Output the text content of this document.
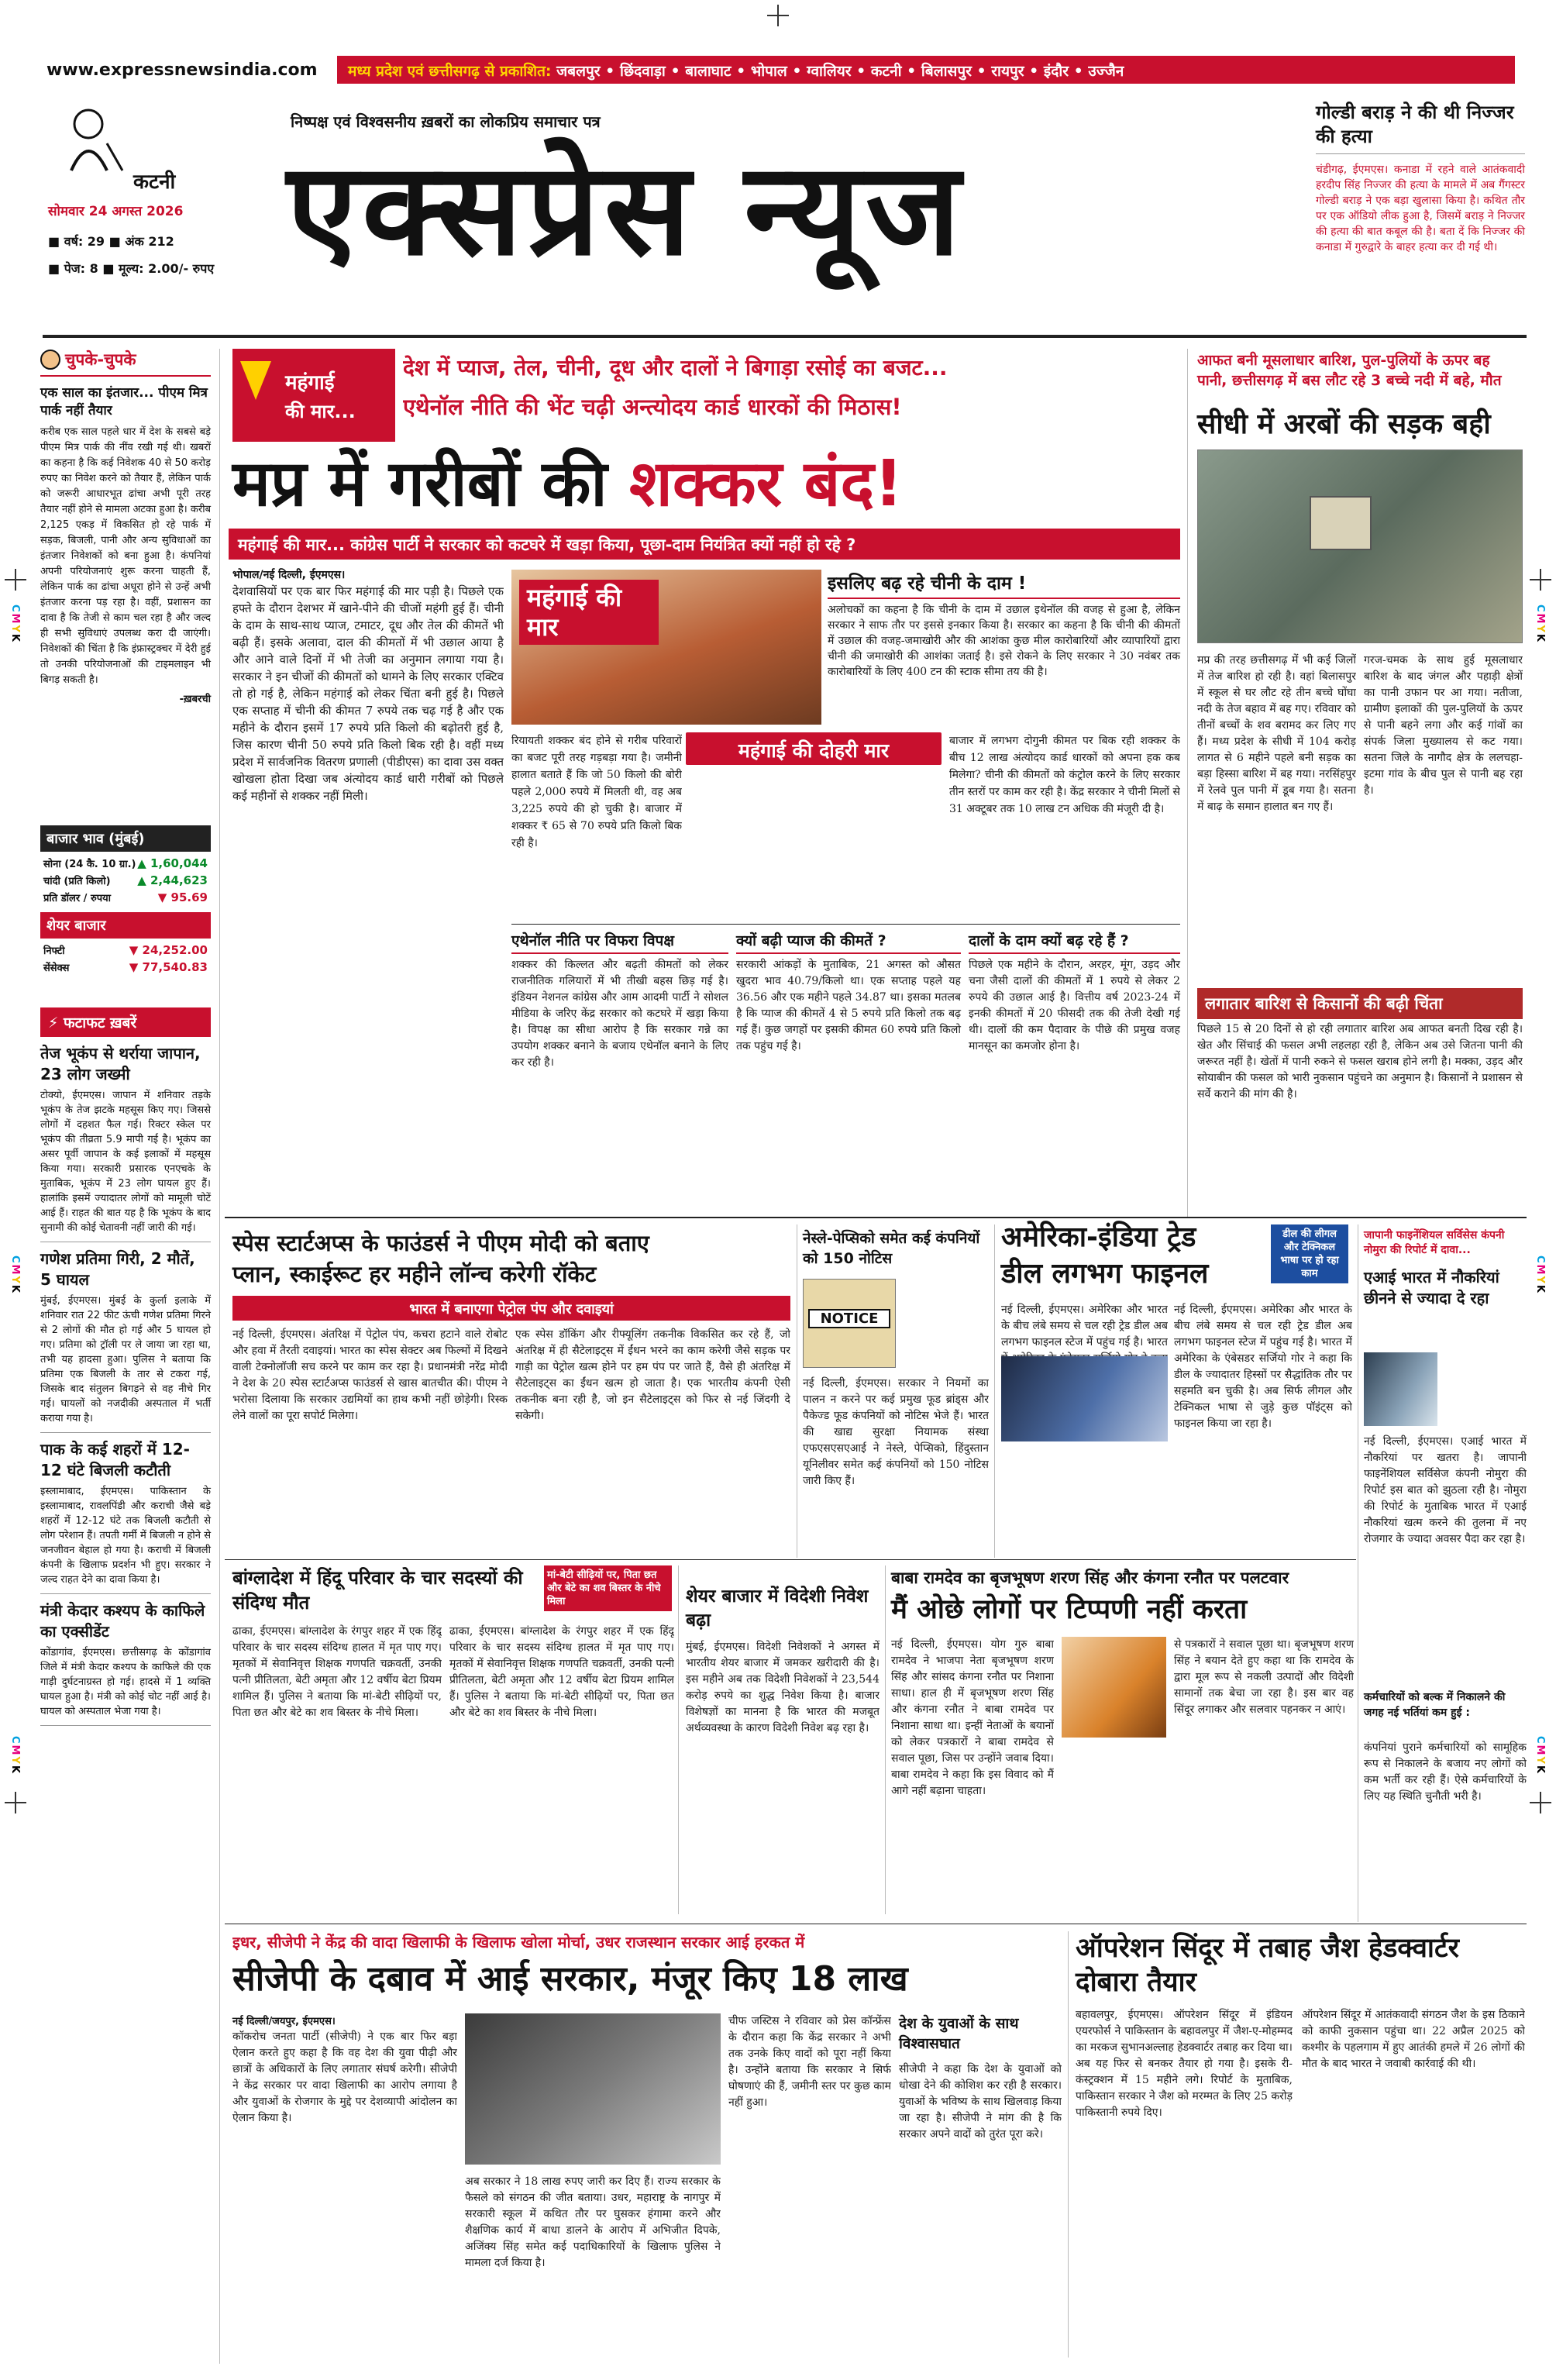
CMYK
CMYK
CMYK
CMYK
CMYK
CMYK
www.expressnewsindia.com	मध्य प्रदेश एवं छत्तीसगढ़ से प्रकाशित: जबलपुर • छिंदवाड़ा • बालाघाट • भोपाल • ग्वालियर • कटनी • बिलासपुर • रायपुर • इंदौर • उज्जैन
कटनी
सोमवार 24 अगस्त 2026
■ वर्ष: 29 ■ अंक 212
■ पेज: 8 ■ मूल्य: 2.00/- रुपए
निष्पक्ष एवं विश्वसनीय ख़बरों का लोकप्रिय समाचार पत्र
एक्सप्रेस न्यूज
गोल्डी बराड़ ने की थी निज्जर की हत्या
चंडीगढ़, ईएमएस। कनाडा में रहने वाले आतंकवादी हरदीप सिंह निज्जर की हत्या के मामले में अब गैंगस्टर गोल्डी बराड़ ने एक बड़ा खुलासा किया है। कथित तौर पर एक ऑडियो लीक हुआ है, जिसमें बराड़ ने निज्जर की हत्या की बात कबूल की है। बता दें कि निज्जर की कनाडा में गुरुद्वारे के बाहर हत्या कर दी गई थी।
चुपके-चुपके
एक साल का इंतजार... पीएम मित्र पार्क नहीं तैयार
करीब एक साल पहले धार में देश के सबसे बड़े पीएम मित्र पार्क की नींव रखी गई थी। खबरों का कहना है कि कई निवेशक 40 से 50 करोड़ रुपए का निवेश करने को तैयार हैं, लेकिन पार्क को जरूरी आधारभूत ढांचा अभी पूरी तरह तैयार नहीं होने से मामला अटका हुआ है। करीब 2,125 एकड़ में विकसित हो रहे पार्क में सड़क, बिजली, पानी और अन्य सुविधाओं का इंतजार निवेशकों को बना हुआ है। कंपनियां अपनी परियोजनाएं शुरू करना चाहती हैं, लेकिन पार्क का ढांचा अधूरा होने से उन्हें अभी इंतजार करना पड़ रहा है। वहीं, प्रशासन का दावा है कि तेजी से काम चल रहा है और जल्द ही सभी सुविधाएं उपलब्ध करा दी जाएंगी। निवेशकों की चिंता है कि इंफ्रास्ट्रक्चर में देरी हुई तो उनकी परियोजनाओं की टाइमलाइन भी बिगड़ सकती है।
-ख़बरची
बाजार भाव (मुंबई)
सोना (24 कै. 10 ग्रा.) ▲ 1,60,044
चांदी (प्रति किलो) ▲ 2,44,623
प्रति डॉलर / रुपया	▼ 95.69
शेयर बाजार
निफ्टी	▼ 24,252.00
सेंसेक्स	▼ 77,540.83
⚡ फटाफट ख़बरें
तेज भूकंप से थर्राया जापान, 23 लोग जख्मी
टोक्यो, ईएमएस। जापान में शनिवार तड़के भूकंप के तेज झटके महसूस किए गए। जिससे लोगों में दहशत फैल गई। रिक्टर स्केल पर भूकंप की तीव्रता 5.9 मापी गई है। भूकंप का असर पूर्वी जापान के कई इलाकों में महसूस किया गया। सरकारी प्रसारक एनएचके के मुताबिक, भूकंप में 23 लोग घायल हुए हैं। हालांकि इसमें ज्यादातर लोगों को मामूली चोटें आई हैं। राहत की बात यह है कि भूकंप के बाद सुनामी की कोई चेतावनी नहीं जारी की गई।
गणेश प्रतिमा गिरी, 2 मौतें, 5 घायल
मुंबई, ईएमएस। मुंबई के कुर्ला इलाके में शनिवार रात 22 फीट ऊंची गणेश प्रतिमा गिरने से 2 लोगों की मौत हो गई और 5 घायल हो गए। प्रतिमा को ट्रॉली पर ले जाया जा रहा था, तभी यह हादसा हुआ। पुलिस ने बताया कि प्रतिमा एक बिजली के तार से टकरा गई, जिसके बाद संतुलन बिगड़ने से वह नीचे गिर गई। घायलों को नजदीकी अस्पताल में भर्ती कराया गया है।
पाक के कई शहरों में 12-12 घंटे बिजली कटौती
इस्लामाबाद, ईएमएस। पाकिस्तान के इस्लामाबाद, रावलपिंडी और कराची जैसे बड़े शहरों में 12-12 घंटे तक बिजली कटौती से लोग परेशान हैं। तपती गर्मी में बिजली न होने से जनजीवन बेहाल हो गया है। कराची में बिजली कंपनी के खिलाफ प्रदर्शन भी हुए। सरकार ने जल्द राहत देने का दावा किया है।
मंत्री केदार कश्यप के काफिले का एक्सीडेंट
कोंडागांव, ईएमएस। छत्तीसगढ़ के कोंडागांव जिले में मंत्री केदार कश्यप के काफिले की एक गाड़ी दुर्घटनाग्रस्त हो गई। हादसे में 1 व्यक्ति घायल हुआ है। मंत्री को कोई चोट नहीं आई है। घायल को अस्पताल भेजा गया है।
महंगाई
की मार...
देश में प्याज, तेल, चीनी, दूध और दालों ने बिगाड़ा रसोई का बजट...
एथेनॉल नीति की भेंट चढ़ी अन्त्योदय कार्ड धारकों की मिठास!
मप्र में गरीबों की शक्कर बंद!
महंगाई की मार... कांग्रेस पार्टी ने सरकार को कटघरे में खड़ा किया, पूछा-दाम नियंत्रित क्यों नहीं हो रहे ?
भोपाल/नई दिल्ली, ईएमएस।
देशवासियों पर एक बार फिर महंगाई की मार पड़ी है। पिछले एक हफ्ते के दौरान देशभर में खाने-पीने की चीजों महंगी हुई हैं। चीनी के दाम के साथ-साथ प्याज, टमाटर, दूध और तेल की कीमतें भी बढ़ी हैं। इसके अलावा, दाल की कीमतों में भी उछाल आया है और आने वाले दिनों में भी तेजी का अनुमान लगाया गया है। सरकार ने इन चीजों की कीमतों को थामने के लिए सरकार एक्टिव तो हो गई है, लेकिन महंगाई को लेकर चिंता बनी हुई है। पिछले एक सप्ताह में चीनी की कीमत 7 रुपये तक चढ़ गई है और एक महीने के दौरान इसमें 17 रुपये प्रति किलो की बढ़ोतरी हुई है, जिस कारण चीनी 50 रुपये प्रति किलो बिक रही है। वहीं मध्य प्रदेश में सार्वजनिक वितरण प्रणाली (पीडीएस) का दावा उस वक्त खोखला होता दिखा जब अंत्योदय कार्ड धारी गरीबों को पिछले कई महीनों से शक्कर नहीं मिली।
महंगाई की मार
इसलिए बढ़ रहे चीनी के दाम !
अलोचकों का कहना है कि चीनी के दाम में उछाल इथेनॉल की वजह से हुआ है, लेकिन सरकार ने साफ तौर पर इससे इनकार किया है। सरकार का कहना है कि चीनी की कीमतों में उछाल की वजह-जमाखोरी और की आशंका कुछ मील कारोबारियों और व्यापारियों द्वारा चीनी की जमाखोरी की आशंका जताई है। इसे रोकने के लिए सरकार ने 30 नवंबर तक कारोबारियों के लिए 400 टन की स्टाक सीमा तय की है।
महंगाई की दोहरी मार
रियायती शक्कर बंद होने से गरीब परिवारों का बजट पूरी तरह गड़बड़ा गया है। जमीनी हालात बताते हैं कि जो 50 किलो की बोरी पहले 2,000 रुपये में मिलती थी, वह अब 3,225 रुपये की हो चुकी है। बाजार में शक्कर ₹ 65 से 70 रुपये प्रति किलो बिक रही है।
बाजार में लगभग दोगुनी कीमत पर बिक रही शक्कर के बीच 12 लाख अंत्योदय कार्ड धारकों को अपना हक कब मिलेगा? चीनी की कीमतों को कंट्रोल करने के लिए सरकार तीन स्तरों पर काम कर रही है। केंद्र सरकार ने चीनी मिलों से 31 अक्टूबर तक 10 लाख टन अधिक की मंजूरी दी है।
एथेनॉल नीति पर विफरा विपक्ष
शक्कर की किल्लत और बढ़ती कीमतों को लेकर राजनीतिक गलियारों में भी तीखी बहस छिड़ गई है। इंडियन नेशनल कांग्रेस और आम आदमी पार्टी ने सोशल मीडिया के जरिए केंद्र सरकार को कटघरे में खड़ा किया है। विपक्ष का सीधा आरोप है कि सरकार गन्ने का उपयोग शक्कर बनाने के बजाय एथेनॉल बनाने के लिए कर रही है।
क्यों बढ़ी प्याज की कीमतें ?
सरकारी आंकड़ों के मुताबिक, 21 अगस्त को औसत खुदरा भाव 40.79/किलो था। एक सप्ताह पहले यह 36.56 और एक महीने पहले 34.87 था। इसका मतलब है कि प्याज की कीमतें 4 से 5 रुपये प्रति किलो तक बढ़ गई हैं। कुछ जगहों पर इसकी कीमत 60 रुपये प्रति किलो तक पहुंच गई है।
दालों के दाम क्यों बढ़ रहे हैं ?
पिछले एक महीने के दौरान, अरहर, मूंग, उड़द और चना जैसी दालों की कीमतों में 1 रुपये से लेकर 2 रुपये की उछाल आई है। वित्तीय वर्ष 2023-24 में इनकी कीमतों में 20 फीसदी तक की तेजी देखी गई थी। दालों की कम पैदावार के पीछे की प्रमुख वजह मानसून का कमजोर होना है।
आफत बनी मूसलाधार बारिश, पुल-पुलियों के ऊपर बह पानी, छत्तीसगढ़ में बस लौट रहे 3 बच्चे नदी में बहे, मौत
सीधी में अरबों की सड़क बही
मप्र की तरह छत्तीसगढ़ में भी कई जिलों में तेज बारिश हो रही है। वहां बिलासपुर में स्कूल से घर लौट रहे तीन बच्चे घोंघा नदी के तेज बहाव में बह गए। रविवार को तीनों बच्चों के शव बरामद कर लिए गए हैं। मध्य प्रदेश के सीधी में 104 करोड़ लागत से 6 महीने पहले बनी सड़क का बड़ा हिस्सा बारिश में बह गया। नरसिंहपुर में रेलवे पुल पानी में डूब गया है। सतना में बाढ़ के समान हालात बन गए हैं।
गरज-चमक के साथ हुई मूसलाधार बारिश के बाद जंगल और पहाड़ी क्षेत्रों का पानी उफान पर आ गया। नतीजा, ग्रामीण इलाकों की पुल-पुलियों के ऊपर से पानी बहने लगा और कई गांवों का संपर्क जिला मुख्यालय से कट गया। सतना जिले के नागौद क्षेत्र के ललचहा-इटमा गांव के बीच पुल से पानी बह रहा है।
लगातार बारिश से किसानों की बढ़ी चिंता
पिछले 15 से 20 दिनों से हो रही लगातार बारिश अब आफत बनती दिख रही है। खेत और सिंचाई की फसल अभी लहलहा रही है, लेकिन अब उसे जितना पानी की जरूरत नहीं है। खेतों में पानी रुकने से फसल खराब होने लगी है। मक्का, उड़द और सोयाबीन की फसल को भारी नुकसान पहुंचने का अनुमान है। किसानों ने प्रशासन से सर्वे कराने की मांग की है।
स्पेस स्टार्टअप्स के फाउंडर्स ने पीएम मोदी को बताए
प्लान, स्काईरूट हर महीने लॉन्च करेगी रॉकेट
भारत में बनाएगा पेट्रोल पंप और दवाइयां
नई दिल्ली, ईएमएस। अंतरिक्ष में पेट्रोल पंप, कचरा हटाने वाले रोबोट और हवा में तैरती दवाइयां। भारत का स्पेस सेक्टर अब फिल्मों में दिखने वाली टेक्नोलॉजी सच करने पर काम कर रहा है। प्रधानमंत्री नरेंद्र मोदी ने देश के 20 स्पेस स्टार्टअप्स फाउंडर्स से खास बातचीत की। पीएम ने भरोसा दिलाया कि सरकार उद्यमियों का हाथ कभी नहीं छोड़ेगी। रिस्क लेने वालों का पूरा सपोर्ट मिलेगा।
एक स्पेस डॉकिंग और रीफ्यूलिंग तकनीक विकसित कर रहे हैं, जो अंतरिक्ष में ही सैटेलाइट्स में ईंधन भरने का काम करेगी जैसे सड़क पर गाड़ी का पेट्रोल खत्म होने पर हम पंप पर जाते हैं, वैसे ही अंतरिक्ष में सैटेलाइट्स का ईंधन खत्म हो जाता है। एक भारतीय कंपनी ऐसी तकनीक बना रही है, जो इन सैटेलाइट्स को फिर से नई जिंदगी दे सकेगी।
नेस्ले-पेप्सिको समेत कई कंपनियों को 150 नोटिस
NOTICE
नई दिल्ली, ईएमएस। सरकार ने नियमों का पालन न करने पर कई प्रमुख फूड ब्रांड्स और पैकेज्ड फूड कंपनियों को नोटिस भेजे हैं। भारत की खाद्य सुरक्षा नियामक संस्था एफएसएसएआई ने नेस्ले, पेप्सिको, हिंदुस्तान यूनिलीवर समेत कई कंपनियों को 150 नोटिस जारी किए हैं।
अमेरिका-इंडिया ट्रेड
डील लगभग फाइनल
डील की लीगल और टेक्निकल भाषा पर हो रहा काम
नई दिल्ली, ईएमएस। अमेरिका और भारत के बीच लंबे समय से चल रही ट्रेड डील अब लगभग फाइनल स्टेज में पहुंच गई है। भारत
नई दिल्ली, ईएमएस। अमेरिका और भारत के बीच लंबे समय से चल रही ट्रेड डील अब लगभग फाइनल स्टेज में पहुंच गई है। भारत में अमेरिका के एंबेसडर सर्जियो गोर ने कहा कि डील के ज्यादातर हिस्सों पर सैद्धांतिक तौर पर सहमति बन चुकी है। अब सिर्फ लीगल और टेक्निकल भाषा से जुड़े कुछ पॉइंट्स को फाइनल किया जा रहा है।
जापानी फाइनेंशियल सर्विसेस कंपनी नोमुरा की रिपोर्ट में दावा...
एआई भारत में नौकरियां छीनने से ज्यादा दे रहा
नई दिल्ली, ईएमएस। एआई भारत में नौकरियां पर खतरा है। जापानी फाइनेंशियल सर्विसेज कंपनी नोमुरा की रिपोर्ट इस बात को झुठला रही है। नोमुरा की रिपोर्ट के मुताबिक भारत में एआई नौकरियां खत्म करने की तुलना में नए रोजगार के ज्यादा अवसर पैदा कर रहा है।
कर्मचारियों को बल्क में निकालने की जगह नई भर्तियां कम हुई :
कंपनियां पुराने कर्मचारियों को सामूहिक रूप से निकालने के बजाय नए लोगों को कम भर्ती कर रही हैं। ऐसे कर्मचारियों के लिए यह स्थिति चुनौती भरी है।
बांग्लादेश में हिंदू परिवार के चार सदस्यों की संदिग्ध मौत
मां-बेटी सीढ़ियों पर, पिता छत और बेटे का शव बिस्तर के नीचे मिला
ढाका, ईएमएस। बांग्लादेश के रंगपुर शहर में एक हिंदू परिवार के चार सदस्य संदिग्ध हालत में मृत पाए गए। मृतकों में सेवानिवृत्त शिक्षक गणपति चक्रवर्ती, उनकी पत्नी प्रीतिलता, बेटी अमृता और 12 वर्षीय बेटा प्रियम शामिल हैं। पुलिस ने बताया कि मां-बेटी सीढ़ियों पर, पिता छत और बेटे का शव बिस्तर के नीचे मिला।
ढाका, ईएमएस। बांग्लादेश के रंगपुर शहर में एक हिंदू परिवार के चार सदस्य संदिग्ध हालत में मृत पाए गए। मृतकों में सेवानिवृत्त शिक्षक गणपति चक्रवर्ती, उनकी पत्नी प्रीतिलता, बेटी अमृता और 12 वर्षीय बेटा प्रियम शामिल हैं। पुलिस ने बताया कि मां-बेटी सीढ़ियों पर, पिता छत और बेटे का शव बिस्तर के नीचे मिला।
शेयर बाजार में विदेशी निवेश बढ़ा
मुंबई, ईएमएस। विदेशी निवेशकों ने अगस्त में भारतीय शेयर बाजार में जमकर खरीदारी की है। इस महीने अब तक विदेशी निवेशकों ने 23,544 करोड़ रुपये का शुद्ध निवेश किया है। बाजार विशेषज्ञों का मानना है कि भारत की मजबूत अर्थव्यवस्था के कारण विदेशी निवेश बढ़ रहा है।
बाबा रामदेव का बृजभूषण शरण सिंह और कंगना रनौत पर पलटवार
मैं ओछे लोगों पर टिप्पणी नहीं करता
नई दिल्ली, ईएमएस। योग गुरु बाबा रामदेव ने भाजपा नेता बृजभूषण शरण सिंह और सांसद कंगना रनौत पर निशाना साधा। हाल ही में बृजभूषण शरण सिंह और कंगना रनौत ने बाबा रामदेव पर निशाना साधा था। इन्हीं नेताओं के बयानों को लेकर पत्रकारों ने बाबा रामदेव से सवाल पूछा, जिस पर उन्होंने जवाब दिया। बाबा रामदेव ने कहा कि इस विवाद को मैं आगे नहीं बढ़ाना चाहता।
से पत्रकारों ने सवाल पूछा था। बृजभूषण शरण सिंह ने बयान देते हुए कहा था कि रामदेव के द्वारा मूल रूप से नकली उत्पादों और विदेशी सामानों तक बेचा जा रहा है। इस बार वह सिंदूर लगाकर और सलवार पहनकर न आएं।
इधर, सीजेपी ने केंद्र की वादा खिलाफी के खिलाफ खोला मोर्चा, उधर राजस्थान सरकार आई हरकत में
सीजेपी के दबाव में आई सरकार, मंजूर किए 18 लाख
नई दिल्ली/जयपुर, ईएमएस।
कॉकरोच जनता पार्टी (सीजेपी) ने एक बार फिर बड़ा ऐलान करते हुए कहा है कि वह देश की युवा पीढ़ी और छात्रों के अधिकारों के लिए लगातार संघर्ष करेगी। सीजेपी ने केंद्र सरकार पर वादा खिलाफी का आरोप लगाया है और युवाओं के रोजगार के मुद्दे पर देशव्यापी आंदोलन का ऐलान किया है।
अब सरकार ने 18 लाख रुपए जारी कर दिए हैं। राज्य सरकार के फैसले को संगठन की जीत बताया। उधर, महाराष्ट्र के नागपुर में सरकारी स्कूल में कथित तौर पर घुसकर हंगामा करने और शैक्षणिक कार्य में बाधा डालने के आरोप में अभिजीत दिपके, अजिंक्य सिंह समेत कई पदाधिकारियों के खिलाफ पुलिस ने मामला दर्ज किया है।
चीफ जस्टिस ने रविवार को प्रेस कॉन्फ्रेंस के दौरान कहा कि केंद्र सरकार ने अभी तक उनके किए वादों को पूरा नहीं किया है। उन्होंने बताया कि सरकार ने सिर्फ घोषणाएं की हैं, जमीनी स्तर पर कुछ काम नहीं हुआ।
देश के युवाओं के साथ विश्वासघात
सीजेपी ने कहा कि देश के युवाओं को धोखा देने की कोशिश कर रही है सरकार। युवाओं के भविष्य के साथ खिलवाड़ किया जा रहा है। सीजेपी ने मांग की है कि सरकार अपने वादों को तुरंत पूरा करे।
ऑपरेशन सिंदूर में तबाह जैश हेडक्वार्टर दोबारा तैयार
बहावलपुर, ईएमएस। ऑपरेशन सिंदूर में इंडियन एयरफोर्स ने पाकिस्तान के बहावलपुर में जैश-ए-मोहम्मद का मरकज सुभानअल्लाह हेडक्वार्टर तबाह कर दिया था। अब यह फिर से बनकर तैयार हो गया है। इसके री-कंस्ट्रक्शन में 15 महीने लगे। रिपोर्ट के मुताबिक, पाकिस्तान सरकार ने जैश को मरम्मत के लिए 25 करोड़ पाकिस्तानी रुपये दिए।
ऑपरेशन सिंदूर में आतंकवादी संगठन जैश के इस ठिकाने को काफी नुकसान पहुंचा था। 22 अप्रैल 2025 को कश्मीर के पहलगाम में हुए आतंकी हमले में 26 लोगों की मौत के बाद भारत ने जवाबी कार्रवाई की थी।
